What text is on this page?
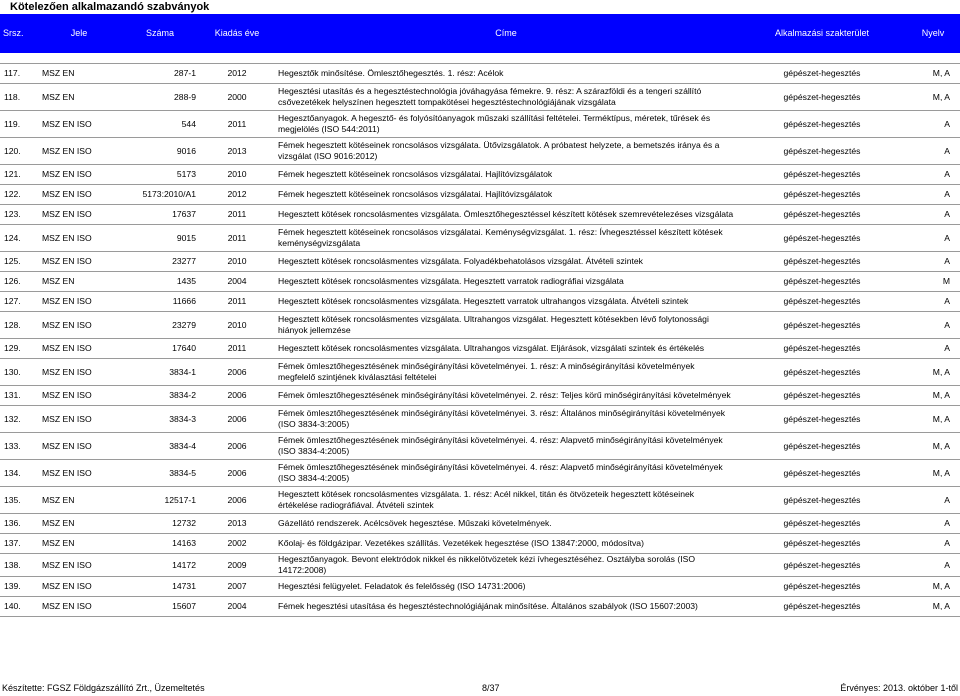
Kötelezően alkalmazandó szabványok
Srsz.	Jele	Száma	Kiadás éve	Címe	Alkalmazási szakterület	Nyelv

117.	MSZ EN	287-1	2012	Hegesztők minősítése. Ömlesztőhegesztés. 1. rész: Acélok	gépészet-hegesztés	M, A
118.	MSZ EN	288-9	2000	Hegesztési utasítás és a hegesztéstechnológia jóváhagyása fémekre. 9. rész: A szárazföldi és a tengeri szállító csővezetékek helyszínen hegesztett tompakötései hegesztéstechnológiájának vizsgálata	gépészet-hegesztés	M, A
119.	MSZ EN ISO	544	2011	Hegesztőanyagok. A hegesztő- és folyósítóanyagok műszaki szállítási feltételei. Terméktípus, méretek, tűrések és megjelölés (ISO 544:2011)	gépészet-hegesztés	A
120.	MSZ EN ISO	9016	2013	Fémek hegesztett kötéseinek roncsolásos vizsgálata. Ütővizsgálatok. A próbatest helyzete, a bemetszés iránya és a vizsgálat (ISO 9016:2012)	gépészet-hegesztés	A
121.	MSZ EN ISO	5173	2010	Fémek hegesztett kötéseinek roncsolásos vizsgálatai. Hajlítóvizsgálatok	gépészet-hegesztés	A
122.	MSZ EN ISO	5173:2010/A1	2012	Fémek hegesztett kötéseinek roncsolásos vizsgálatai. Hajlítóvizsgálatok	gépészet-hegesztés	A
123.	MSZ EN ISO	17637	2011	Hegesztett kötések roncsolásmentes vizsgálata. Ömlesztőhegesztéssel készített kötések szemrevételezéses vizsgálata	gépészet-hegesztés	A
124.	MSZ EN ISO	9015	2011	Fémek hegesztett kötéseinek roncsolásos vizsgálatai. Keménységvizsgálat. 1. rész: Ívhegesztéssel készített kötések keménységvizsgálata	gépészet-hegesztés	A
125.	MSZ EN ISO	23277	2010	Hegesztett kötések roncsolásmentes vizsgálata. Folyadékbehatolásos vizsgálat. Átvételi szintek	gépészet-hegesztés	A
126.	MSZ EN	1435	2004	Hegesztett kötések roncsolásmentes vizsgálata. Hegesztett varratok radiográfiai vizsgálata	gépészet-hegesztés	M
127.	MSZ EN ISO	11666	2011	Hegesztett kötések roncsolásmentes vizsgálata. Hegesztett varratok ultrahangos vizsgálata. Átvételi szintek	gépészet-hegesztés	A
128.	MSZ EN ISO	23279	2010	Hegesztett kötések roncsolásmentes vizsgálata. Ultrahangos vizsgálat. Hegesztett kötésekben lévő folytonossági hiányok jellemzése	gépészet-hegesztés	A
129.	MSZ EN ISO	17640	2011	Hegesztett kötések roncsolásmentes vizsgálata. Ultrahangos vizsgálat. Eljárások, vizsgálati szintek és értékelés	gépészet-hegesztés	A
130.	MSZ EN ISO	3834-1	2006	Fémek ömlesztőhegesztésének minőségirányítási követelményei. 1. rész: A minőségirányítási követelmények megfelelő szintjének kiválasztási feltételei	gépészet-hegesztés	M, A
131.	MSZ EN ISO	3834-2	2006	Fémek ömlesztőhegesztésének minőségirányítási követelményei. 2. rész: Teljes körű minőségirányítási követelmények	gépészet-hegesztés	M, A
132.	MSZ EN ISO	3834-3	2006	Fémek ömlesztőhegesztésének minőségirányítási követelményei. 3. rész: Általános minőségirányítási követelmények (ISO 3834-3:2005)	gépészet-hegesztés	M, A
133.	MSZ EN ISO	3834-4	2006	Fémek ömlesztőhegesztésének minőségirányítási követelményei. 4. rész: Alapvető minőségirányítási követelmények (ISO 3834-4:2005)	gépészet-hegesztés	M, A
134.	MSZ EN ISO	3834-5	2006	Fémek ömlesztőhegesztésének minőségirányítási követelményei. 4. rész: Alapvető minőségirányítási követelmények (ISO 3834-4:2005)	gépészet-hegesztés	M, A
135.	MSZ EN	12517-1	2006	Hegesztett kötések roncsolásmentes vizsgálata. 1. rész: Acél nikkel, titán és ötvözeteik hegesztett kötéseinek értékelése radiográfiával. Átvételi szintek	gépészet-hegesztés	A
136.	MSZ EN	12732	2013	Gázellátó rendszerek. Acélcsövek hegesztése. Műszaki követelmények.	gépészet-hegesztés	A
137.	MSZ EN	14163	2002	Kőolaj- és földgázipar. Vezetékes szállítás. Vezetékek hegesztése (ISO 13847:2000, módosítva)	gépészet-hegesztés	A
138.	MSZ EN ISO	14172	2009	Hegesztőanyagok. Bevont elektródok nikkel és nikkelötvözetek kézi ívhegesztéséhez. Osztályba sorolás (ISO 14172:2008)	gépészet-hegesztés	A
139.	MSZ EN ISO	14731	2007	Hegesztési felügyelet. Feladatok és felelősség (ISO 14731:2006)	gépészet-hegesztés	M, A
140.	MSZ EN ISO	15607	2004	Fémek hegesztési utasítása és hegesztéstechnológiájának minősítése. Általános szabályok (ISO 15607:2003)	gépészet-hegesztés	M, A
Készítette: FGSZ Földgázszállító Zrt., Üzemeltetés	8/37	Érvényes: 2013. október 1-től
